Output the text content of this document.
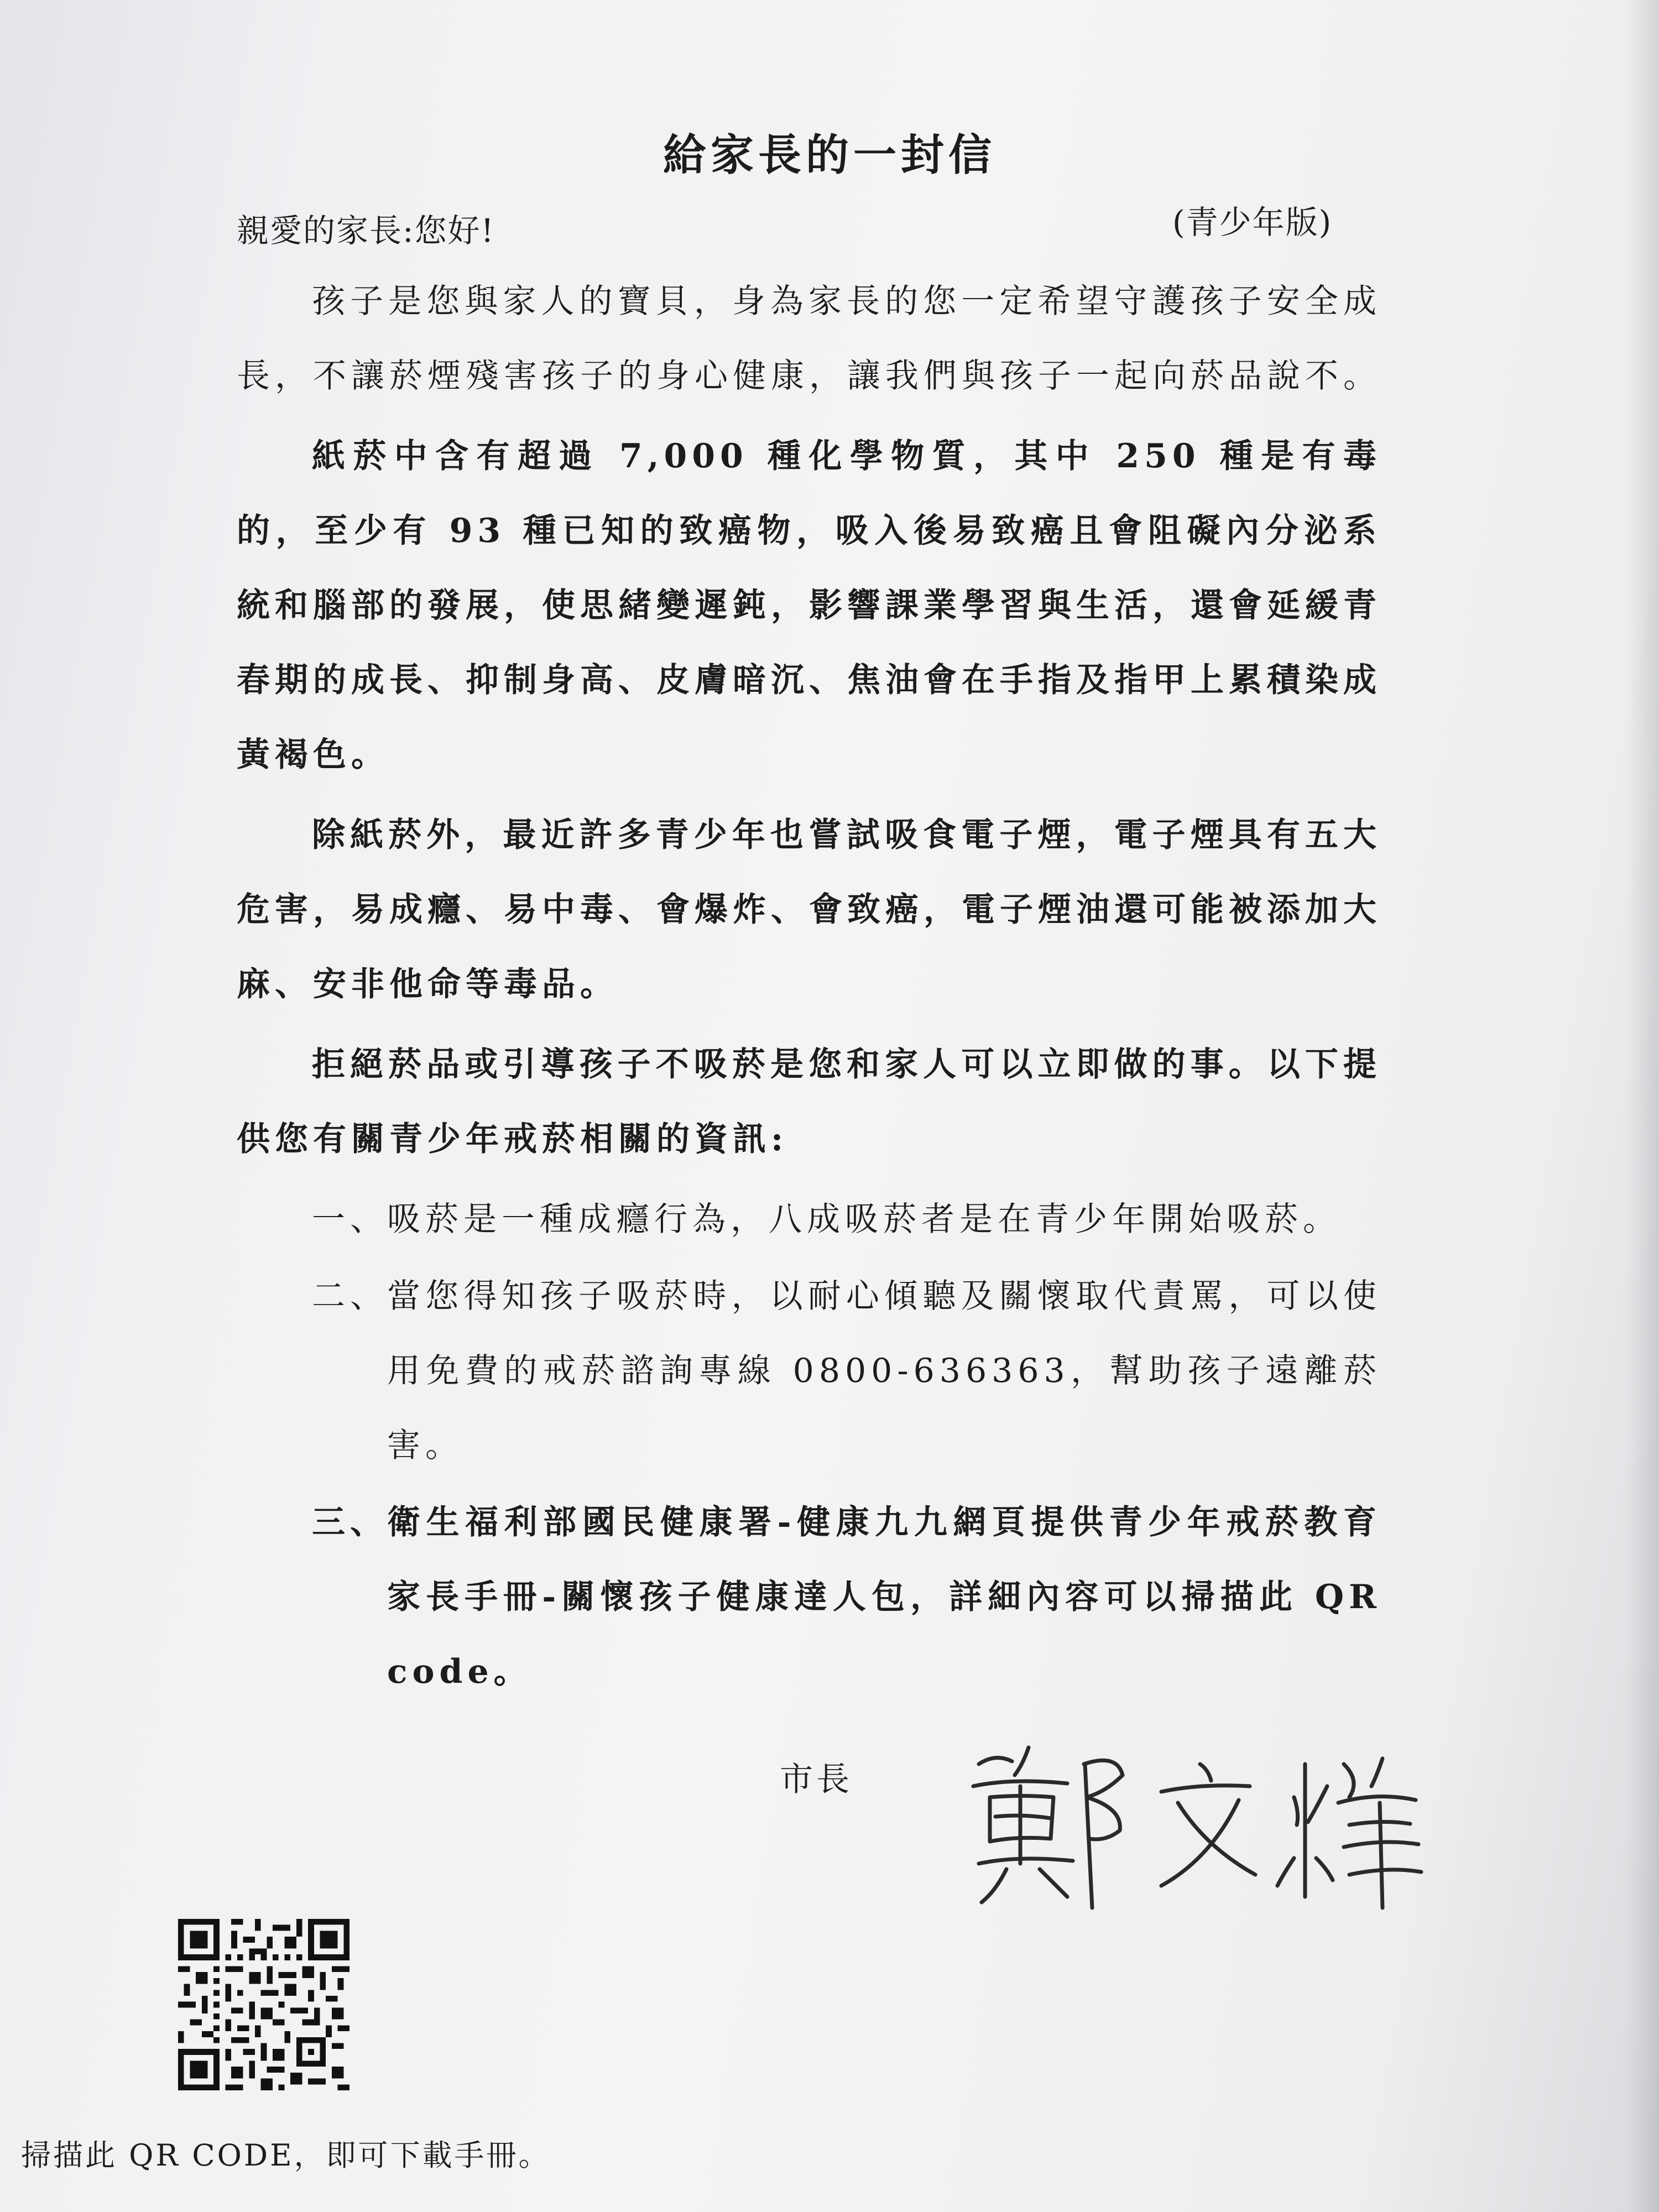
給家長的一封信
親愛的家長:您好!	(青少年版)

孩子是您與家人的寶貝，身為家長的您一定希望守護孩子安全成長，不讓菸煙殘害孩子的身心健康，讓我們與孩子一起向菸品說不。

紙菸中含有超過 7,000 種化學物質，其中 250 種是有毒的，至少有 93 種已知的致癌物，吸入後易致癌且會阻礙內分泌系統和腦部的發展，使思緒變遲鈍，影響課業學習與生活，還會延緩青春期的成長、抑制身高、皮膚暗沉、焦油會在手指及指甲上累積染成黃褐色。

除紙菸外，最近許多青少年也嘗試吸食電子煙，電子煙具有五大危害，易成癮、易中毒、會爆炸、會致癌，電子煙油還可能被添加大麻、安非他命等毒品。

拒絕菸品或引導孩子不吸菸是您和家人可以立即做的事。以下提供您有關青少年戒菸相關的資訊:

一、
吸菸是一種成癮行為，八成吸菸者是在青少年開始吸菸。
二、
當您得知孩子吸菸時，以耐心傾聽及關懷取代責罵，可以使用免費的戒菸諮詢專線 0800-636363，幫助孩子遠離菸害。
三、
衛生福利部國民健康署-健康九九網頁提供青少年戒菸教育家長手冊-關懷孩子健康達人包，詳細內容可以掃描此 QR code。
市長
掃描此 QR CODE，即可下載手冊。
